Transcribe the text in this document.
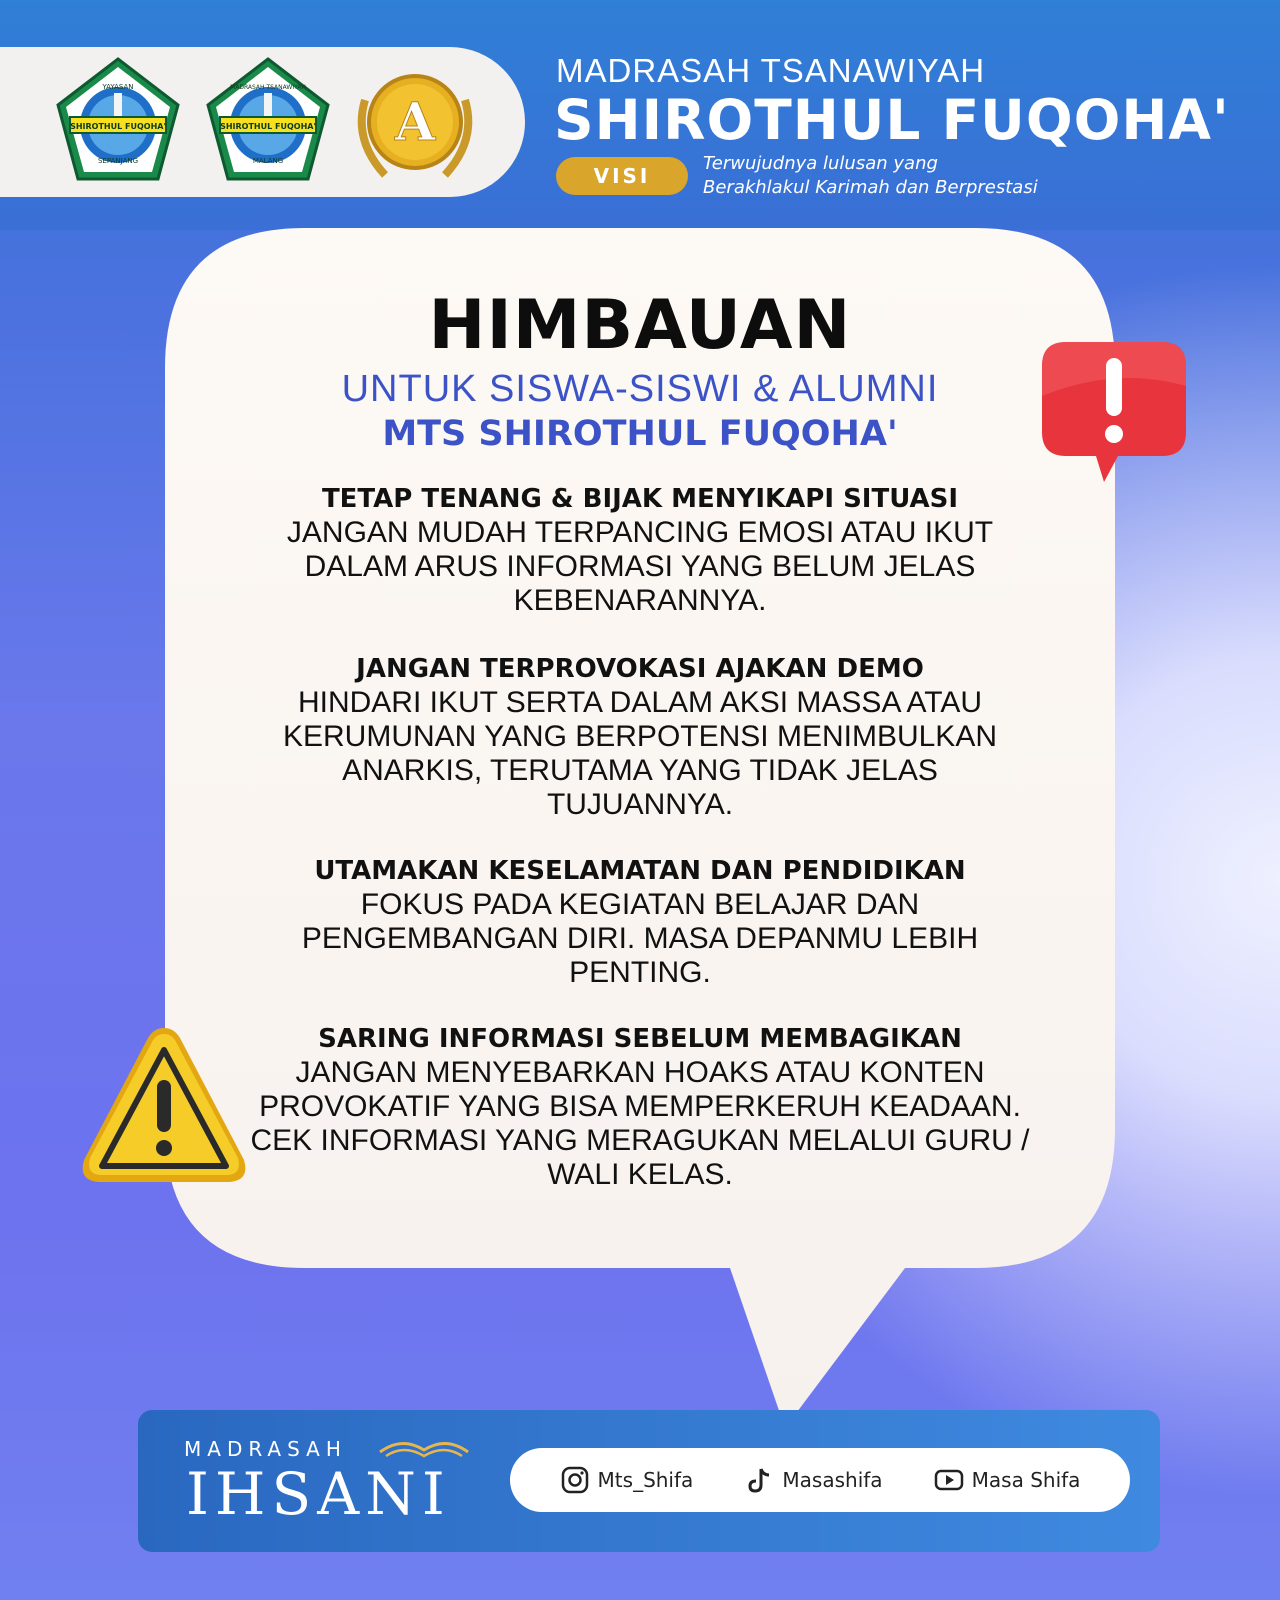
SHIROTHUL FUQOHA'
YAYASAN
SEPANJANG
SHIROTHUL FUQOHA'
MADRASAH TSANAWIYAH
MALANG
A
MADRASAH TSANAWIYAH
SHIROTHUL FUQOHA'
VISI
Terwujudnya lulusan yang
Berakhlakul Karimah dan Berprestasi
HIMBAUAN
UNTUK SISWA-SISWI & ALUMNI
MTS SHIROTHUL FUQOHA'
TETAP TENANG & BIJAK MENYIKAPI SITUASI
JANGAN MUDAH TERPANCING EMOSI ATAU IKUT DALAM ARUS INFORMASI YANG BELUM JELAS KEBENARANNYA.
JANGAN TERPROVOKASI AJAKAN DEMO
HINDARI IKUT SERTA DALAM AKSI MASSA ATAU KERUMUNAN YANG BERPOTENSI MENIMBULKAN ANARKIS, TERUTAMA YANG TIDAK JELAS TUJUANNYA.
UTAMAKAN KESELAMATAN DAN PENDIDIKAN
FOKUS PADA KEGIATAN BELAJAR DAN PENGEMBANGAN DIRI. MASA DEPANMU LEBIH PENTING.
SARING INFORMASI SEBELUM MEMBAGIKAN
JANGAN MENYEBARKAN HOAKS ATAU KONTEN PROVOKATIF YANG BISA MEMPERKERUH KEADAAN. CEK INFORMASI YANG MERAGUKAN MELALUI GURU / WALI KELAS.
MADRASAH
IHSANI	Mts_Shifa	Masashifa	Masa Shifa
